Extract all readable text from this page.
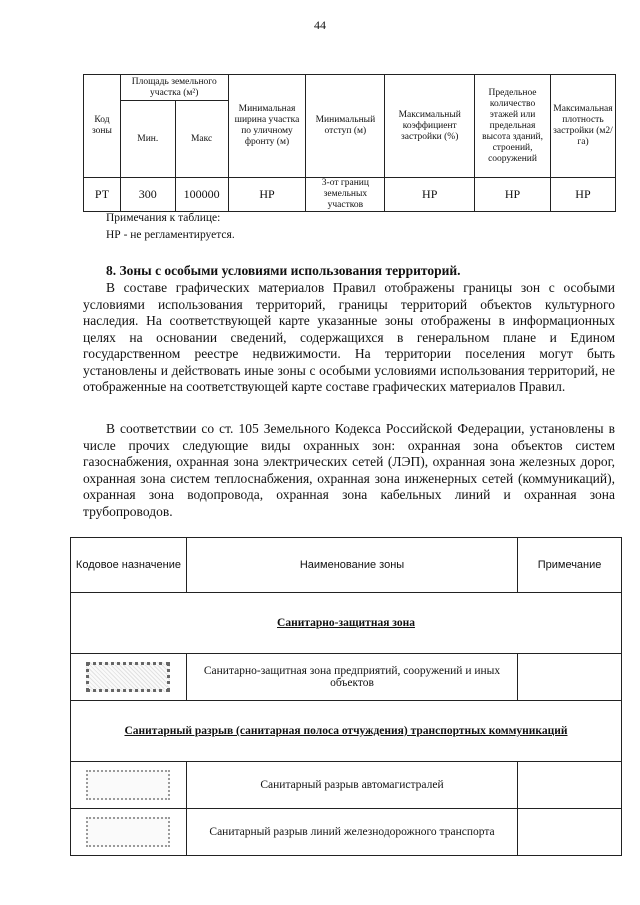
44
Код зоны	Площадь земельного участка (м²)		Минимальная ширина участка по уличному фронту (м)	Минимальный отступ (м)	Максимальный коэффициент застройки (%)	Предельное количество этажей или предельная высота зданий, строений, сооружений	Максимальная плотность застройки (м2/га)
	Мин.	Макс					
РТ	300	100000	НР	3-от границ земельных участков	НР	НР	НР
Примечания к таблице:
НР - не регламентируется.
8. Зоны с особыми условиями использования территорий.

В составе графических материалов Правил отображены границы зон с особыми условиями использования территорий, границы территорий объектов культурного наследия. На соответствующей карте указанные зоны отображены в информационных целях на основании сведений, содержащихся в генеральном плане и Едином государственном реестре недвижимости. На территории поселения могут быть установлены и действовать иные зоны с особыми условиями использования территорий, не отображенные на соответствующей карте составе графических материалов Правил.

В соответствии со ст. 105 Земельного Кодекса Российской Федерации, установлены в числе прочих следующие виды охранных зон: охранная зона объектов систем газоснабжения, охранная зона электрических сетей (ЛЭП), охранная зона железных дорог, охранная зона систем теплоснабжения, охранная зона инженерных сетей (коммуникаций), охранная зона водопровода, охранная зона кабельных линий и охранная зона трубопроводов.

Кодовое назначение	Наименование зоны	Примечание
Санитарно-защитная зона		
	Санитарно-защитная зона предприятий, сооружений и иных объектов	
Санитарный разрыв (санитарная полоса отчуждения) транспортных коммуникаций		
	Санитарный разрыв автомагистралей	
	Санитарный разрыв линий железнодорожного транспорта	
